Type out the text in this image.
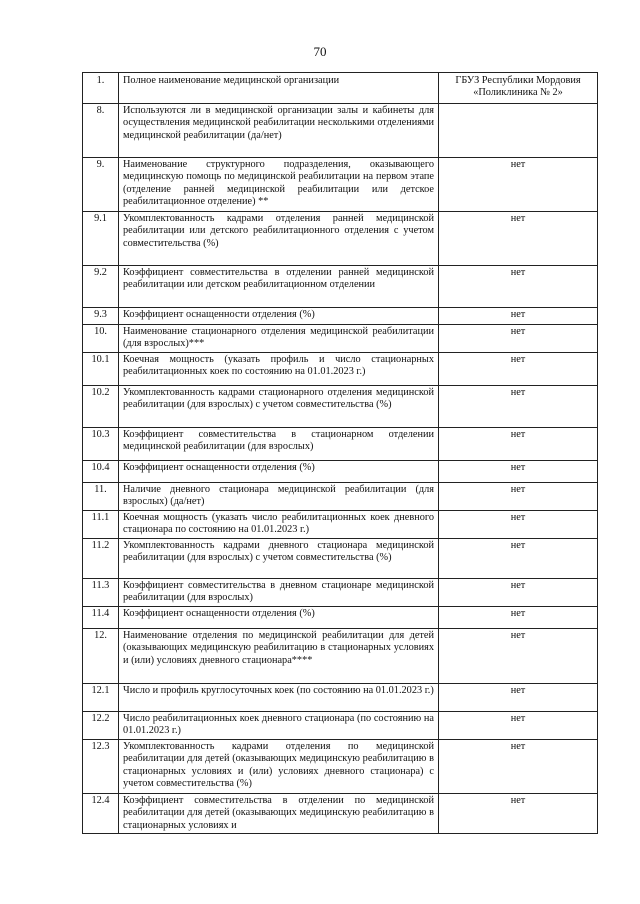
70
1.	Полное наименование медицинской организации	ГБУЗ Республики Мордовия «Поликлиника № 2»
8.	Используются ли в медицинской организации залы и кабинеты для осуществления медицинской реабилитации несколькими отделениями медицинской реабилитации (да/нет)	
9.	Наименование структурного подразделения, оказывающего медицинскую помощь по медицинской реабилитации на первом этапе (отделение ранней медицинской реабилитации или детское реабилитационное отделение) **	нет
9.1	Укомплектованность кадрами отделения ранней медицинской реабилитации или детского реабилитационного отделения с учетом совместительства (%)	нет
9.2	Коэффициент совместительства в отделении ранней медицинской реабилитации или детском реабилитационном отделении	нет
9.3	Коэффициент оснащенности отделения (%)	нет
10.	Наименование стационарного отделения медицинской реабилитации (для взрослых)***	нет
10.1	Коечная мощность (указать профиль и число стационарных реабилитационных коек по состоянию на 01.01.2023 г.)	нет
10.2	Укомплектованность кадрами стационарного отделения медицинской реабилитации (для взрослых) с учетом совместительства (%)	нет
10.3	Коэффициент совместительства в стационарном отделении медицинской реабилитации (для взрослых)	нет
10.4	Коэффициент оснащенности отделения (%)	нет
11.	Наличие дневного стационара медицинской реабилитации (для взрослых) (да/нет)	нет
11.1	Коечная мощность (указать число реабилитационных коек дневного стационара по состоянию на 01.01.2023 г.)	нет
11.2	Укомплектованность кадрами дневного стационара медицинской реабилитации (для взрослых) с учетом совместительства (%)	нет
11.3	Коэффициент совместительства в дневном стационаре медицинской реабилитации (для взрослых)	нет
11.4	Коэффициент оснащенности отделения (%)	нет
12.	Наименование отделения по медицинской реабилитации для детей (оказывающих медицинскую реабилитацию в стационарных условиях и (или) условиях дневного стационара****	нет
12.1	Число и профиль круглосуточных коек (по состоянию на 01.01.2023 г.)	нет
12.2	Число реабилитационных коек дневного стационара (по состоянию на 01.01.2023 г.)	нет
12.3	Укомплектованность кадрами отделения по медицинской реабилитации для детей (оказывающих медицинскую реабилитацию в стационарных условиях и (или) условиях дневного стационара) с учетом совместительства (%)	нет
12.4	Коэффициент совместительства в отделении по медицинской реабилитации для детей (оказывающих медицинскую реабилитацию в стационарных условиях и	нет
